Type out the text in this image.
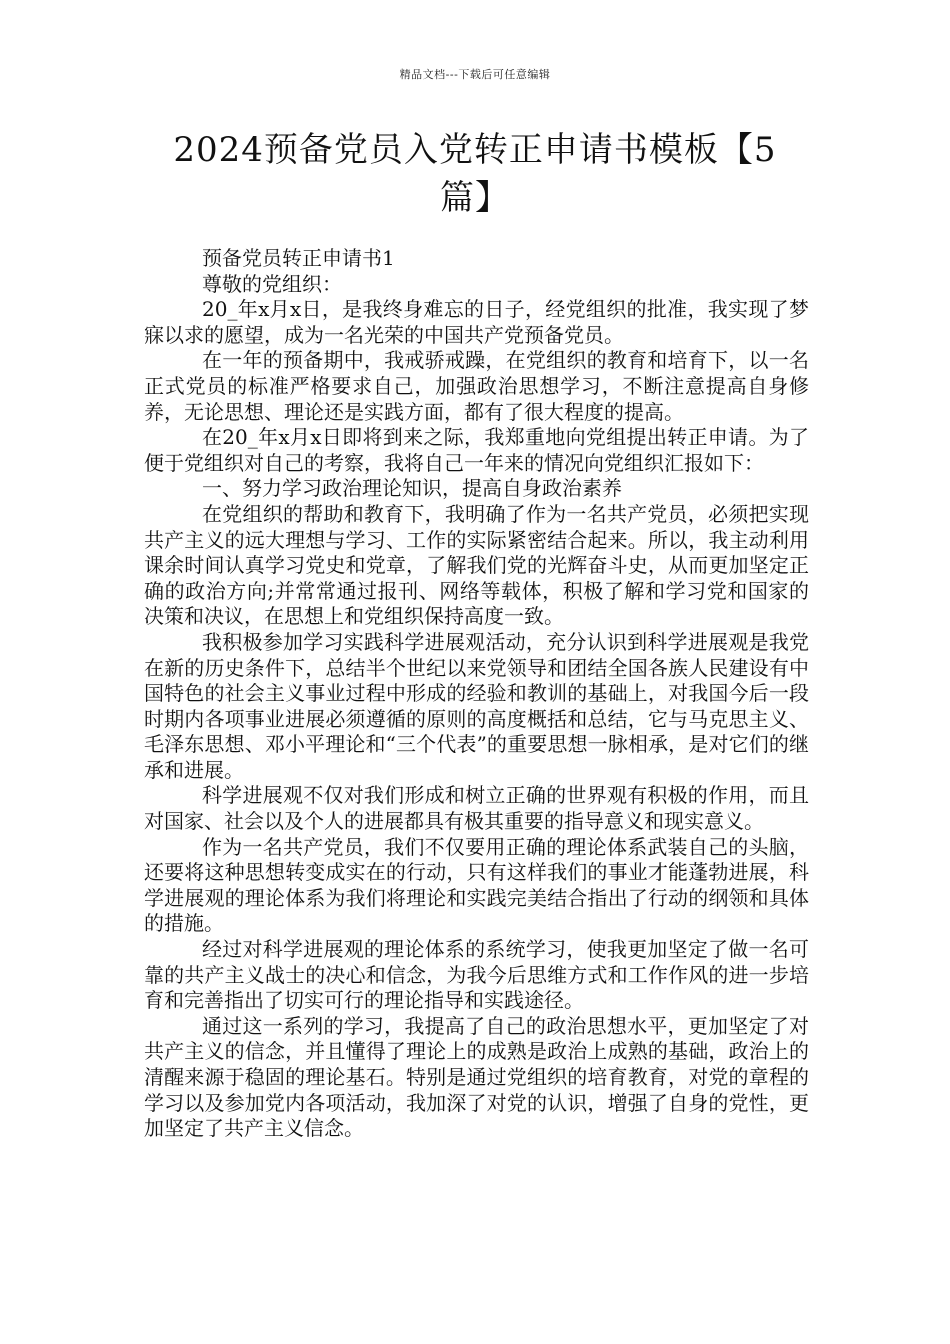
精品文档---下载后可任意编辑
2024预备党员入党转正申请书模板【5篇】

预备党员转正申请书1

尊敬的党组织：

20_年x月x日，是我终身难忘的日子，经党组织的批准，我实现了梦寐以求的愿望，成为一名光荣的中国共产党预备党员。

在一年的预备期中，我戒骄戒躁，在党组织的教育和培育下，以一名正式党员的标准严格要求自己，加强政治思想学习，不断注意提高自身修养，无论思想、理论还是实践方面，都有了很大程度的提高。

在20_年x月x日即将到来之际，我郑重地向党组提出转正申请。为了便于党组织对自己的考察，我将自己一年来的情况向党组织汇报如下：

一、努力学习政治理论知识，提高自身政治素养

在党组织的帮助和教育下，我明确了作为一名共产党员，必须把实现共产主义的远大理想与学习、工作的实际紧密结合起来。所以，我主动利用课余时间认真学习党史和党章，了解我们党的光辉奋斗史，从而更加坚定正确的政治方向;并常常通过报刊、网络等载体，积极了解和学习党和国家的决策和决议，在思想上和党组织保持高度一致。

我积极参加学习实践科学进展观活动，充分认识到科学进展观是我党在新的历史条件下，总结半个世纪以来党领导和团结全国各族人民建设有中国特色的社会主义事业过程中形成的经验和教训的基础上，对我国今后一段时期内各项事业进展必须遵循的原则的高度概括和总结，它与马克思主义、毛泽东思想、邓小平理论和“三个代表”的重要思想一脉相承，是对它们的继承和进展。

科学进展观不仅对我们形成和树立正确的世界观有积极的作用，而且对国家、社会以及个人的进展都具有极其重要的指导意义和现实意义。

作为一名共产党员，我们不仅要用正确的理论体系武装自己的头脑，还要将这种思想转变成实在的行动，只有这样我们的事业才能蓬勃进展，科学进展观的理论体系为我们将理论和实践完美结合指出了行动的纲领和具体的措施。

经过对科学进展观的理论体系的系统学习，使我更加坚定了做一名可靠的共产主义战士的决心和信念，为我今后思维方式和工作作风的进一步培育和完善指出了切实可行的理论指导和实践途径。

通过这一系列的学习，我提高了自己的政治思想水平，更加坚定了对共产主义的信念，并且懂得了理论上的成熟是政治上成熟的基础，政治上的清醒来源于稳固的理论基石。特别是通过党组织的培育教育，对党的章程的学习以及参加党内各项活动，我加深了对党的认识，增强了自身的党性，更加坚定了共产主义信念。
